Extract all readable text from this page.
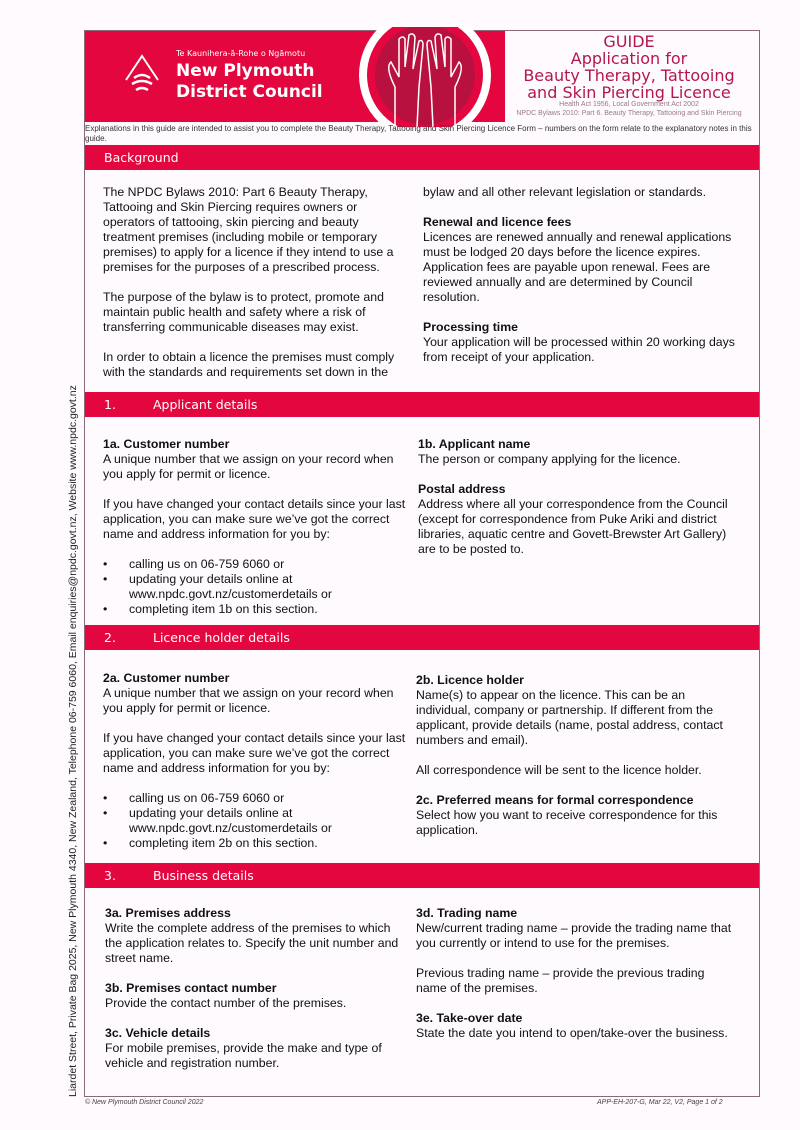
Te Kaunihera-ā-Rohe o Ngāmotu
New Plymouth
District Council
GUIDE
Application for
Beauty Therapy, Tattooing
and Skin Piercing Licence
Health Act 1956, Local Government Act 2002
NPDC Bylaws 2010: Part 6. Beauty Therapy, Tattooing and Skin Piercing
Explanations in this guide are intended to assist you to complete the Beauty Therapy, Tattooing and Skin Piercing Licence Form – numbers on the form relate to the explanatory notes in this guide.
Background

The NPDC Bylaws 2010: Part 6 Beauty Therapy, Tattooing and Skin Piercing requires owners or operators of tattooing, skin piercing and beauty treatment premises (including mobile or temporary premises) to apply for a licence if they intend to use a premises for the purposes of a prescribed process.

The purpose of the bylaw is to protect, promote and maintain public health and safety where a risk of transferring communicable diseases may exist.

In order to obtain a licence the premises must comply with the standards and requirements set down in the

bylaw and all other relevant legislation or standards.

Renewal and licence fees

Licences are renewed annually and renewal applications must be lodged 20 days before the licence expires. Application fees are payable upon renewal. Fees are reviewed annually and are determined by Council resolution.

Processing time

Your application will be processed within 20 working days from receipt of your application.

1.	Applicant details
1a. Customer number

A unique number that we assign on your record when you apply for permit or licence.

If you have changed your contact details since your last application, you can make sure we’ve got the correct name and address information for you by:

• calling us on 06-759 6060 or
• updating your details online at www.npdc.govt.nz/customerdetails or
• completing item 1b on this section.
1b. Applicant name

The person or company applying for the licence.

Postal address

Address where all your correspondence from the Council (except for correspondence from Puke Ariki and district libraries, aquatic centre and Govett-Brewster Art Gallery) are to be posted to.

2.	Licence holder details
2a. Customer number

A unique number that we assign on your record when you apply for permit or licence.

If you have changed your contact details since your last application, you can make sure we’ve got the correct name and address information for you by:

• calling us on 06-759 6060 or
• updating your details online at www.npdc.govt.nz/customerdetails or
• completing item 2b on this section.
2b. Licence holder

Name(s) to appear on the licence. This can be an individual, company or partnership. If different from the applicant, provide details (name, postal address, contact numbers and email).

All correspondence will be sent to the licence holder.

2c. Preferred means for formal correspondence

Select how you want to receive correspondence for this application.

3.	Business details
3a. Premises address

Write the complete address of the premises to which the application relates to. Specify the unit number and street name.

3b. Premises contact number

Provide the contact number of the premises.

3c. Vehicle details

For mobile premises, provide the make and type of vehicle and registration number.

3d. Trading name

New/current trading name – provide the trading name that you currently or intend to use for the premises.

Previous trading name – provide the previous trading name of the premises.

3e. Take-over date

State the date you intend to open/take-over the business.

Liardet Street, Private Bag 2025, New Plymouth 4340, New Zealand, Telephone 06-759 6060, Email enquiries@npdc.govt.nz, Website www.npdc.govt.nz
© New Plymouth District Council 2022	APP-EH-207-G, Mar 22, V2, Page 1 of 2
